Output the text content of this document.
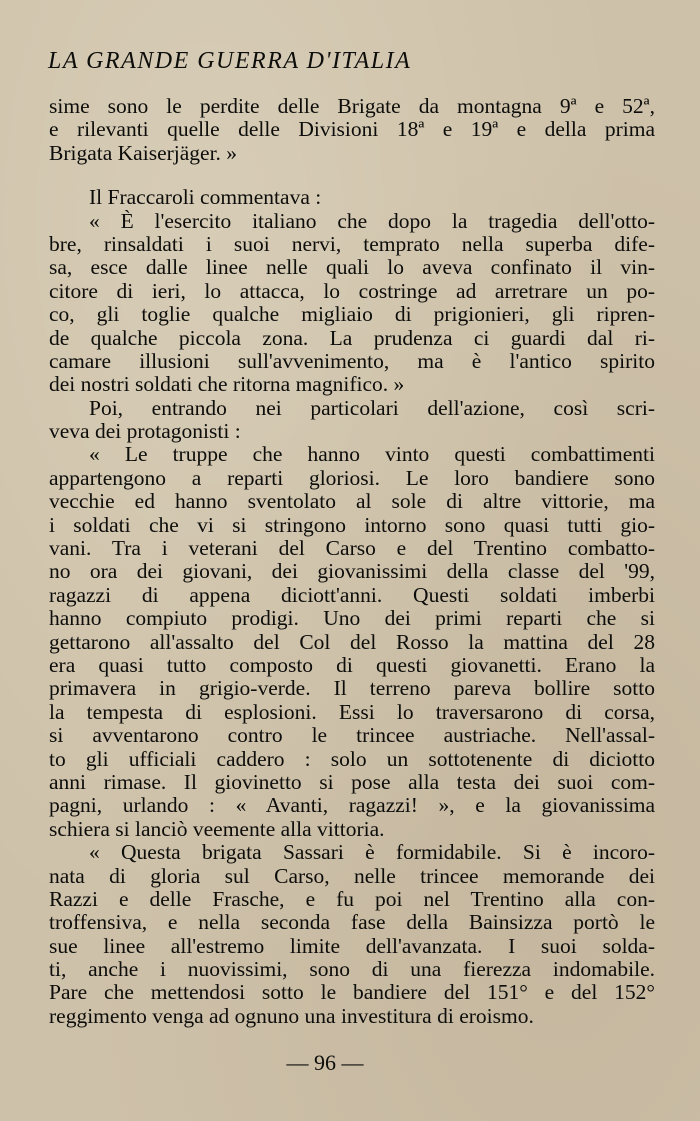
LA GRANDE GUERRA D'ITALIA
sime sono le perdite delle Brigate da montagna 9ª e 52ª,
e rilevanti quelle delle Divisioni 18ª e 19ª e della prima
Brigata Kaiserjäger. »
Il Fraccaroli commentava :
« È l'esercito italiano che dopo la tragedia dell'otto-
bre, rinsaldati i suoi nervi, temprato nella superba dife-
sa, esce dalle linee nelle quali lo aveva confinato il vin-
citore di ieri, lo attacca, lo costringe ad arretrare un po-
co, gli toglie qualche migliaio di prigionieri, gli ripren-
de qualche piccola zona. La prudenza ci guardi dal ri-
camare illusioni sull'avvenimento, ma è l'antico spirito
dei nostri soldati che ritorna magnifico. »
Poi, entrando nei particolari dell'azione, così scri-
veva dei protagonisti :
« Le truppe che hanno vinto questi combattimenti
appartengono a reparti gloriosi. Le loro bandiere sono
vecchie ed hanno sventolato al sole di altre vittorie, ma
i soldati che vi si stringono intorno sono quasi tutti gio-
vani. Tra i veterani del Carso e del Trentino combatto-
no ora dei giovani, dei giovanissimi della classe del '99,
ragazzi di appena diciott'anni. Questi soldati imberbi
hanno compiuto prodigi. Uno dei primi reparti che si
gettarono all'assalto del Col del Rosso la mattina del 28
era quasi tutto composto di questi giovanetti. Erano la
primavera in grigio-verde. Il terreno pareva bollire sotto
la tempesta di esplosioni. Essi lo traversarono di corsa,
si avventarono contro le trincee austriache. Nell'assal-
to gli ufficiali caddero : solo un sottotenente di diciotto
anni rimase. Il giovinetto si pose alla testa dei suoi com-
pagni, urlando : « Avanti, ragazzi! », e la giovanissima
schiera si lanciò veemente alla vittoria.
« Questa brigata Sassari è formidabile. Si è incoro-
nata di gloria sul Carso, nelle trincee memorande dei
Razzi e delle Frasche, e fu poi nel Trentino alla con-
troffensiva, e nella seconda fase della Bainsizza portò le
sue linee all'estremo limite dell'avanzata. I suoi solda-
ti, anche i nuovissimi, sono di una fierezza indomabile.
Pare che mettendosi sotto le bandiere del 151° e del 152°
reggimento venga ad ognuno una investitura di eroismo.
— 96 —
